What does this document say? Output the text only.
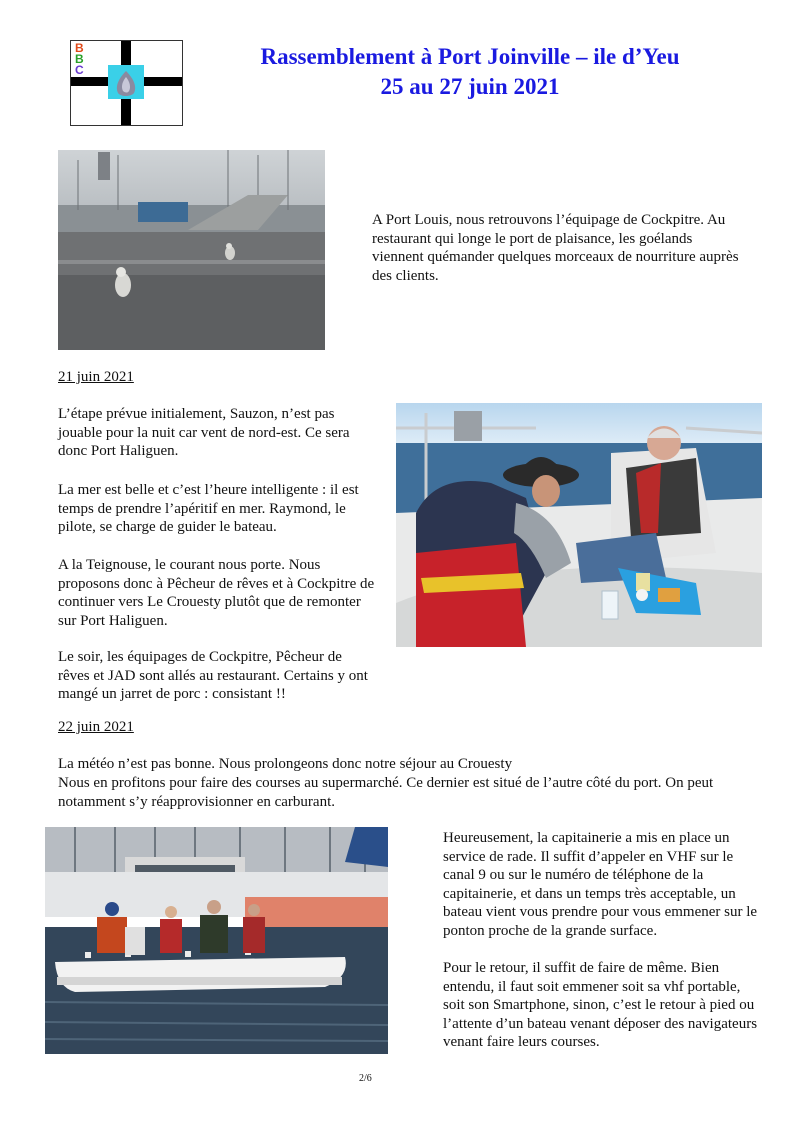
B
B
C
Rassemblement à Port Joinville – ile d’Yeu
25 au 27 juin 2021

A Port Louis, nous retrouvons l’équipage de Cockpitre. Au restaurant qui longe le port de plaisance, les goélands viennent quémander quelques morceaux de nourriture auprès des clients.

21 juin 2021

L’étape prévue initialement, Sauzon, n’est pas jouable pour la nuit car vent de nord-est. Ce sera donc Port Haliguen.

La mer est belle et c’est l’heure intelligente : il est temps de prendre l’apéritif en mer. Raymond, le pilote, se charge de guider le bateau.

A la Teignouse, le courant nous porte. Nous proposons donc à Pêcheur de rêves et à Cockpitre de continuer vers Le Crouesty plutôt que de remonter sur Port Haliguen.

Le soir, les équipages de Cockpitre, Pêcheur de rêves et JAD sont allés au restaurant. Certains y ont mangé un jarret de porc : consistant !!

22 juin 2021

La météo n’est pas bonne. Nous prolongeons donc notre séjour au Crouesty

Nous en profitons pour faire des courses au supermarché. Ce dernier est situé de l’autre côté du port. On peut notamment s’y réapprovisionner en carburant.

Heureusement, la capitainerie a mis en place un service de rade. Il suffit d’appeler en VHF sur le canal 9 ou sur le numéro de téléphone de la capitainerie, et dans un temps très acceptable, un bateau vient vous prendre pour vous emmener sur le ponton proche de la grande surface.

Pour le retour, il suffit de faire de même. Bien entendu, il faut soit emmener soit sa vhf portable, soit son Smartphone, sinon, c’est le retour à pied ou l’attente d’un bateau venant déposer des navigateurs venant faire leurs courses.

2/6
